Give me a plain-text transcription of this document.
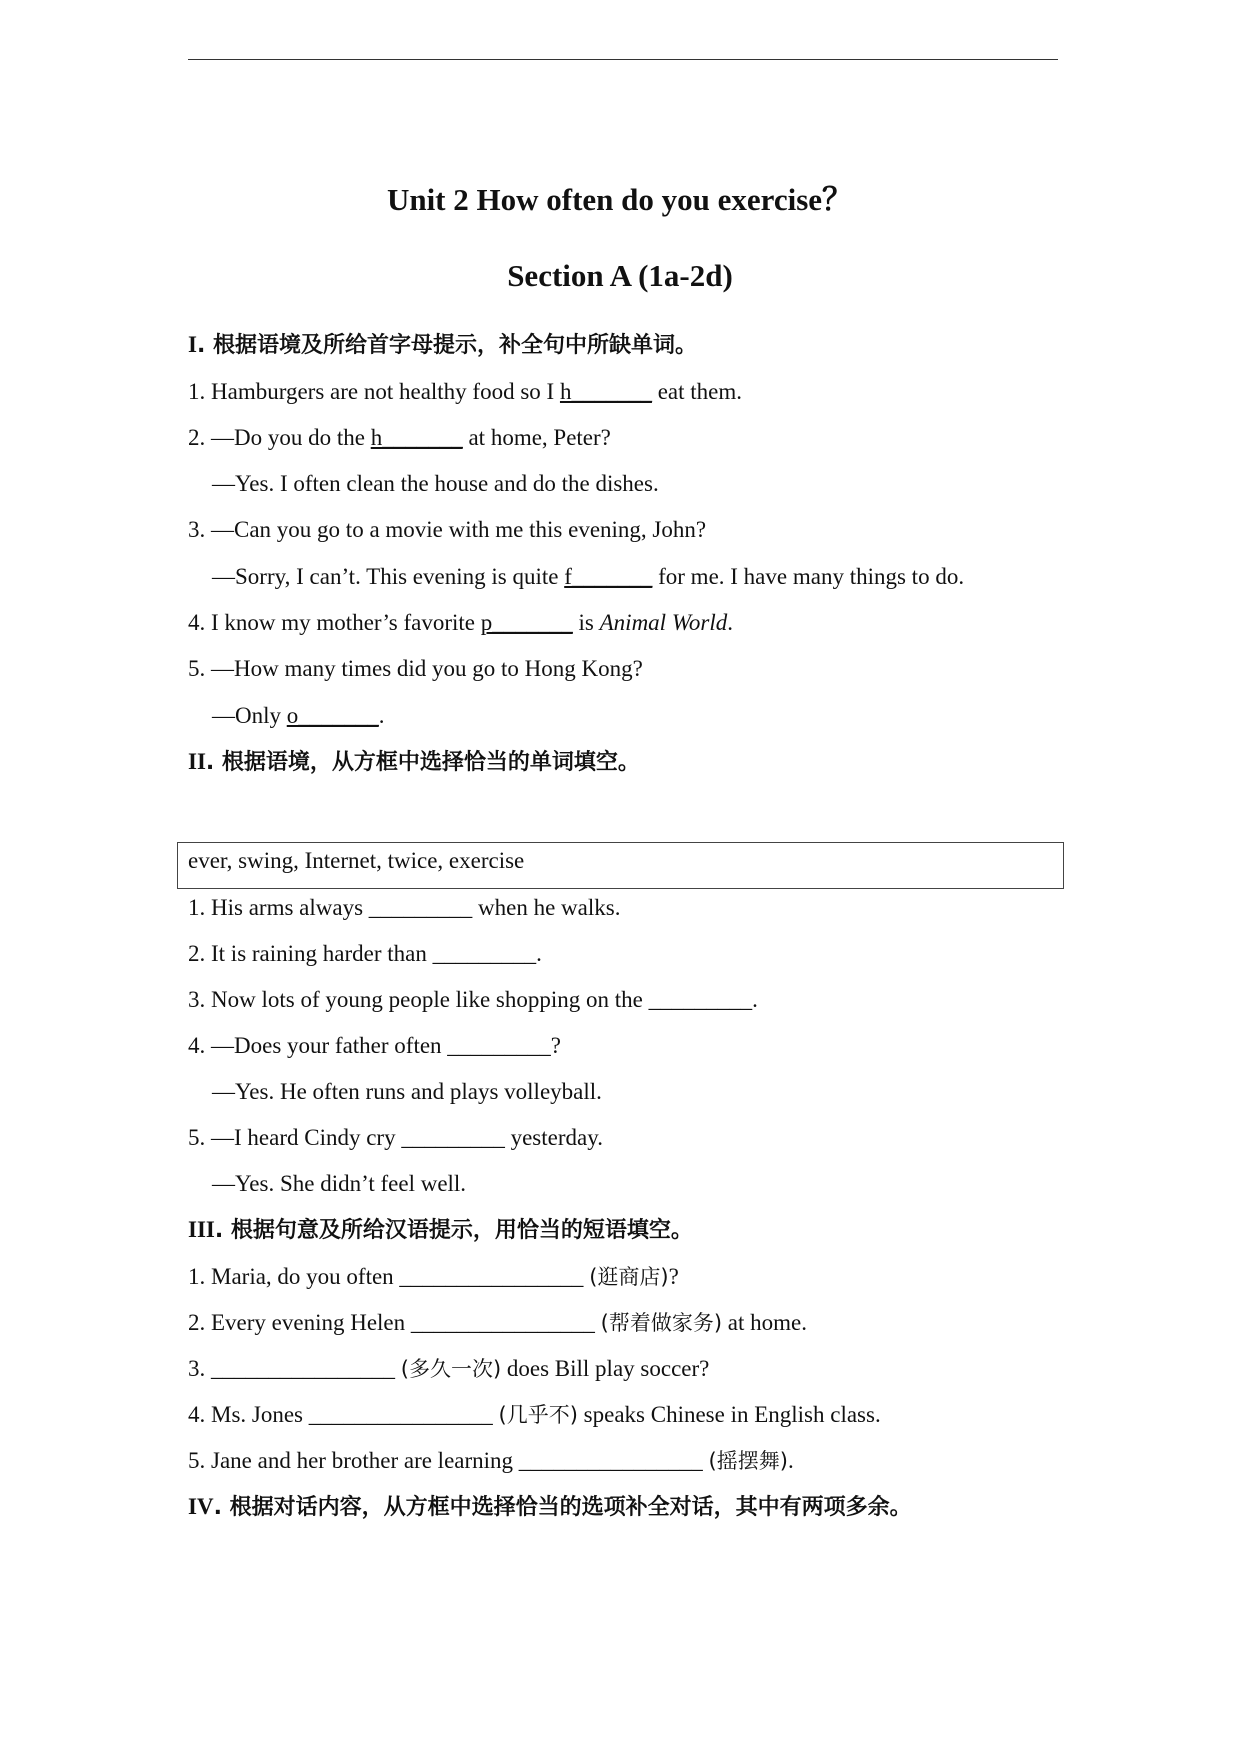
Unit 2 How often do you exercise？
Section A (1a-2d)
I. 根据语境及所给首字母提示，补全句中所缺单词。
1. Hamburgers are not healthy food so I h_______ eat them.
2. —Do you do the h_______ at home, Peter?
—Yes. I often clean the house and do the dishes.
3. —Can you go to a movie with me this evening, John?
—Sorry, I can’t. This evening is quite f_______ for me. I have many things to do.
4. I know my mother’s favorite p_______ is Animal World.
5. —How many times did you go to Hong Kong?
—Only o_______.
II. 根据语境，从方框中选择恰当的单词填空。
ever, swing, Internet, twice, exercise
1. His arms always _________ when he walks.
2. It is raining harder than _________.
3. Now lots of young people like shopping on the _________.
4. —Does your father often _________?
—Yes. He often runs and plays volleyball.
5. —I heard Cindy cry _________ yesterday.
—Yes. She didn’t feel well.
III. 根据句意及所给汉语提示，用恰当的短语填空。
1. Maria, do you often ________________ (逛商店)?
2. Every evening Helen ________________ (帮着做家务) at home.
3. ________________ (多久一次) does Bill play soccer?
4. Ms. Jones ________________ (几乎不) speaks Chinese in English class.
5. Jane and her brother are learning ________________ (摇摆舞).
IV. 根据对话内容，从方框中选择恰当的选项补全对话，其中有两项多余。
